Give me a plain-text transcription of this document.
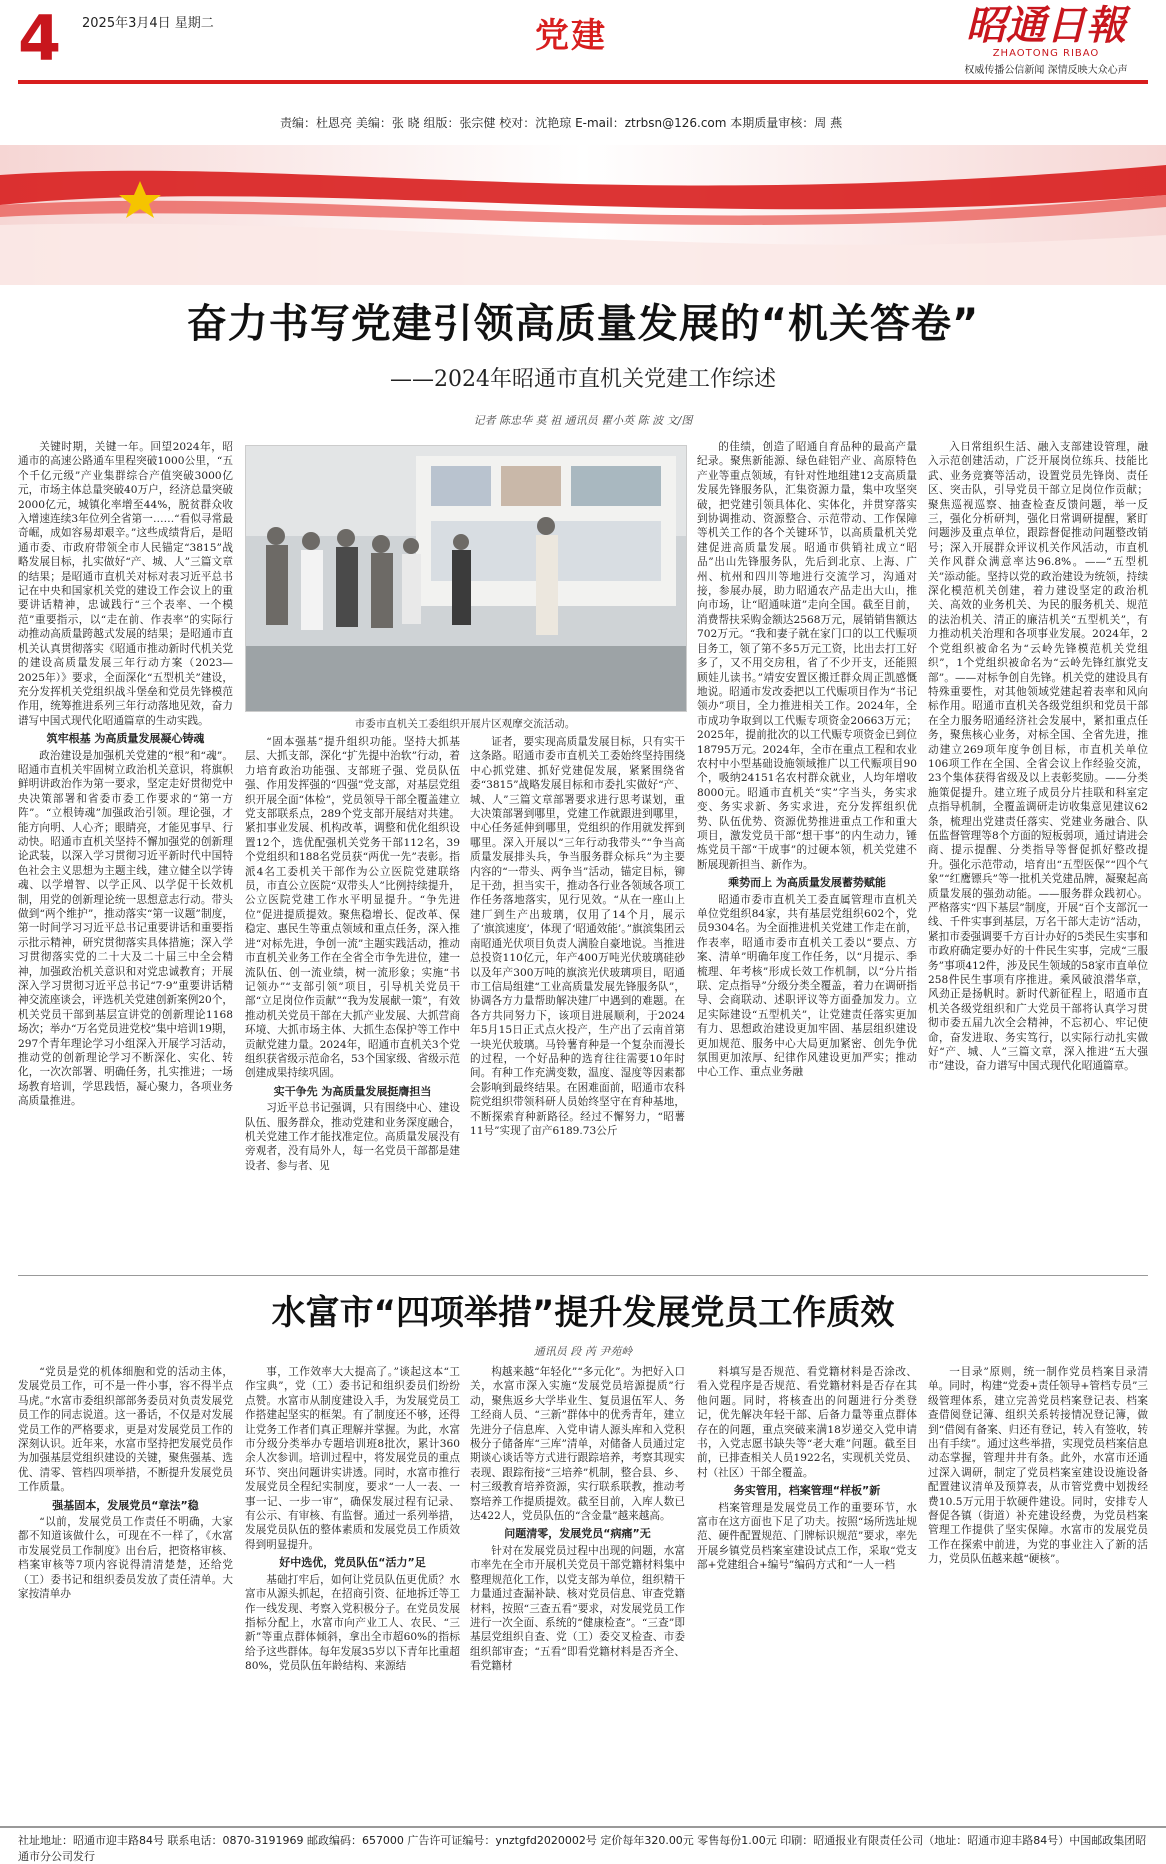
4 2025年3月4日 星期二	党建	昭通日報
ZHAOTONG RIBAO
权威传播公信新闻 深情反映大众心声
责编：杜恩亮 美编：张 晓 组版：张宗健 校对：沈艳琼 E-mail：ztrbsn@126.com 本期质量审核：周 燕
奋力书写党建引领高质量发展的“机关答卷”
——2024年昭通市直机关党建工作综述
记者 陈忠华 莫 祖 通讯员 瞿小英 陈 波 文/图

关键时期，关键一年。回望2024年，昭通市的高速公路通车里程突破1000公里，“五个千亿元级”产业集群综合产值突破3000亿元，市场主体总量突破40万户，经济总量突破2000亿元，城镇化率增至44%，脱贫群众收入增速连续3年位列全省第一……“看似寻常最奇崛，成如容易却艰辛。”这些成绩背后，是昭通市委、市政府带领全市人民锚定“3815”战略发展目标，扎实做好“产、城、人”三篇文章的结果；是昭通市直机关对标对表习近平总书记在中央和国家机关党的建设工作会议上的重要讲话精神，忠诚践行“三个表率、一个模范”重要指示，以“走在前、作表率”的实际行动推动高质量跨越式发展的结果；是昭通市直机关认真贯彻落实《昭通市推动新时代机关党的建设高质量发展三年行动方案（2023—2025年）》要求，全面深化“五型机关”建设，充分发挥机关党组织战斗堡垒和党员先锋模范作用，统筹推进系列三年行动落地见效，奋力谱写中国式现代化昭通篇章的生动实践。

筑牢根基 为高质量发展凝心铸魂

政治建设是加强机关党建的“根”和“魂”。昭通市直机关牢固树立政治机关意识，将旗帜鲜明讲政治作为第一要求，坚定走好贯彻党中央决策部署和省委市委工作要求的“第一方阵”。“立根铸魂”加强政治引领。理论强，才能方向明、人心齐；眼睛亮，才能见事早、行动快。昭通市直机关坚持不懈加强党的创新理论武装，以深入学习贯彻习近平新时代中国特色社会主义思想为主题主线，建立健全以学铸魂、以学增智、以学正风、以学促干长效机制，用党的创新理论统一思想意志行动。带头做到“两个维护”，推动落实“第一议题”制度，第一时间学习习近平总书记重要讲话和重要指示批示精神，研究贯彻落实具体措施；深入学习贯彻落实党的二十大及二十届三中全会精神，加强政治机关意识和对党忠诚教育；开展深入学习贯彻习近平总书记“7·9”重要讲话精神交流座谈会，评选机关党建创新案例20个，机关党员干部到基层宣讲党的创新理论1168场次；举办“万名党员进党校”集中培训19期，297个青年理论学习小组深入开展学习活动，推动党的创新理论学习不断深化、实化、转化，一次次部署、明确任务，扎实推进；一场场教育培训，学思践悟，凝心聚力，各项业务高质量推进。

市委市直机关工委组织开展片区观摩交流活动。

“固本强基”提升组织功能。坚持大抓基层、大抓支部，深化“扩先提中治软”行动，着力培育政治功能强、支部班子强、党员队伍强、作用发挥强的“四强”党支部，对基层党组织开展全面“体检”，党员领导干部全覆盖建立党支部联系点，289个党支部开展结对共建。紧扣事业发展、机构改革，调整和优化组织设置12个，选优配强机关党务干部112名，39个党组织和188名党员获“两优一先”表彰。指派4名工委机关干部作为公立医院党建联络员，市直公立医院“双带头人”比例持续提升，公立医院党建工作水平明显提升。“争先进位”促进提质提效。聚焦稳增长、促改革、保稳定、惠民生等重点领域和重点任务，深入推进“对标先进，争创一流”主题实践活动，推动市直机关业务工作在全省全市争先进位，建一流队伍、创一流业绩，树一流形象；实施“书记领办”“支部引领”项目，引导机关党员干部“立足岗位作贡献”“我为发展献一策”，有效推动机关党员干部在大抓产业发展、大抓营商环境、大抓市场主体、大抓生态保护等工作中贡献党建力量。2024年，昭通市直机关3个党组织获省级示范命名，53个国家级、省级示范创建成果持续巩固。

实干争先 为高质量发展挺膺担当

习近平总书记强调，只有围绕中心、建设队伍、服务群众，推动党建和业务深度融合，机关党建工作才能找准定位。高质量发展没有旁观者，没有局外人，每一名党员干部都是建设者、参与者、见

证者，要实现高质量发展目标，只有实干这条路。昭通市委市直机关工委始终坚持围绕中心抓党建、抓好党建促发展，紧紧围绕省委“3815”战略发展目标和市委扎实做好“产、城、人”三篇文章部署要求进行思考谋划，重大决策部署到哪里，党建工作就跟进到哪里，中心任务延伸到哪里，党组织的作用就发挥到哪里。深入开展以“三年行动我带头”“争当高质量发展排头兵，争当服务群众标兵”为主要内容的“一带头、两争当”活动，锚定目标，铆足干劲，担当实干，推动各行业各领域各项工作任务落地落实，见行见效。“从在一座山上建厂到生产出玻璃，仅用了14个月，展示了‘旗滨速度’，体现了‘昭通效能’。”旗滨集团云南昭通光伏项目负责人满脸自豪地说。当推进总投资110亿元，年产400万吨光伏玻璃硅砂以及年产300万吨的旗滨光伏玻璃项目，昭通市工信局组建“工业高质量发展先锋服务队”，协调各方力量帮助解决建厂中遇到的难题。在各方共同努力下，该项目进展顺利，于2024年5月15日正式点火投产，生产出了云南首第一块光伏玻璃。马铃薯育种是一个复杂而漫长的过程，一个好品种的选育往往需要10年时间。有种工作充满变数，温度、湿度等因素都会影响到最终结果。在困难面前，昭通市农科院党组织带领科研人员始终坚守在育种基地，不断探索育种新路径。经过不懈努力，“昭薯11号”实现了亩产6189.73公斤

的佳绩，创造了昭通自育品种的最高产量纪录。聚焦新能源、绿色硅铝产业、高原特色产业等重点领域，有针对性地组建12支高质量发展先锋服务队，汇集资源力量，集中攻坚突破，把党建引领具体化、实体化，并贯穿落实到协调推动、资源整合、示范带动、工作保障等机关工作的各个关键环节，以高质量机关党建促进高质量发展。昭通市供销社成立“昭品”出山先锋服务队，先后到北京、上海、广州、杭州和四川等地进行交流学习，沟通对接，参展办展，助力昭通农产品走出大山，推向市场，让“昭通味道”走向全国。截至目前，消费帮扶采购金额达2568万元，展销销售额达702万元。“我和妻子就在家门口的以工代赈项目务工，领了第不多5万元工资，比出去打工好多了，又不用交房租，省了不少开支，还能照顾娃儿读书。”靖安安置区搬迁群众周正凯感慨地说。昭通市发改委把以工代赈项目作为“书记领办”项目，全力推进相关工作。2024年，全市成功争取到以工代赈专项资金20663万元；2025年，提前批次的以工代赈专项资金已到位18795万元。2024年，全市在重点工程和农业农村中小型基础设施领域推广以工代赈项目90个，吸纳24151名农村群众就业，人均年增收8000元。昭通市直机关“实”字当头，务实求变、务实求新、务实求进，充分发挥组织优势、队伍优势、资源优势推进重点工作和重大项目，激发党员干部“想干事”的内生动力，锤炼党员干部“干成事”的过硬本领，机关党建不断展现新担当、新作为。

乘势而上 为高质量发展蓄势赋能

昭通市委市直机关工委直属管理市直机关单位党组织84家，共有基层党组织602个，党员9304名。为全面推进机关党建工作走在前，作表率，昭通市委市直机关工委以“要点、方案、清单”明确年度工作任务，以“月提示、季梳理、年考核”形成长效工作机制，以“分片指联、定点指导”分级分类全覆盖，着力在调研指导、会商联动、述职评议等方面叠加发力。立足实际建设“五型机关”，让党建责任落实更加有力、思想政治建设更加牢固、基层组织建设更加规范、服务中心大局更加紧密、创先争优氛围更加浓厚、纪律作风建设更加严实；推动中心工作、重点业务融

入日常组织生活、融入支部建设管理，融入示范创建活动，广泛开展岗位练兵、技能比武、业务竞赛等活动，设置党员先锋岗、责任区、突击队，引导党员干部立足岗位作贡献；聚焦巡视巡察、抽查检查反馈问题，举一反三，强化分析研判，强化日常调研提醒，紧盯问题涉及重点单位，跟踪督促推动问题整改销号；深入开展群众评议机关作风活动，市直机关作风群众满意率达96.8%。——“五型机关”添动能。坚持以党的政治建设为统领，持续深化模范机关创建，着力建设坚定的政治机关、高效的业务机关、为民的服务机关、规范的法治机关、清正的廉洁机关“五型机关”，有力推动机关治理和各项事业发展。2024年，2个党组织被命名为“云岭先锋模范机关党组织”，1个党组织被命名为“云岭先锋红旗党支部”。——对标争创自先锋。机关党的建设具有特殊重要性，对其他领域党建起着表率和风向标作用。昭通市直机关各级党组织和党员干部在全力服务昭通经济社会发展中，紧扣重点任务，聚焦核心业务，对标全国、全省先进，推动建立269项年度争创目标，市直机关单位106项工作在全国、全省会议上作经验交流，23个集体获得省级及以上表彰奖励。——分类施策促提升。建立班子成员分片挂联和科室定点指导机制，全覆盖调研走访收集意见建议62条，梳理出党建责任落实、党建业务融合、队伍监督管理等8个方面的短板弱项，通过请进会商、提示提醒、分类指导等督促抓好整改提升。强化示范带动，培育出“五型医保”“四个气象”“红鹰镖兵”等一批机关党建品牌，凝聚起高质量发展的强劲动能。——服务群众践初心。严格落实“四下基层”制度，开展“百个支部沉一线、千件实事到基层，万名干部大走访”活动，紧扣市委强调要千方百计办好的5类民生实事和市政府确定要办好的十件民生实事，完成“三服务”事项412件，涉及民生领域的58家市直单位258件民生事项有序推进。乘风破浪潜华章，风劲正是扬帆时。新时代新征程上，昭通市直机关各级党组织和广大党员干部将认真学习贯彻市委五届九次全会精神，不忘初心、牢记使命，奋发进取、务实笃行，以实际行动扎实做好“产、城、人”三篇文章，深入推进“五大强市”建设，奋力谱写中国式现代化昭通篇章。

水富市“四项举措”提升发展党员工作质效
通讯员 段 芮 尹苑岭

“党员是党的机体细胞和党的活动主体，发展党员工作，可不是一件小事，容不得半点马虎。”水富市委组织部部务委员对负责发展党员工作的同志说道。这一番话，不仅是对发展党员工作的严格要求，更是对发展党员工作的深刻认识。近年来，水富市坚持把发展党员作为加强基层党组织建设的关键，聚焦强基、选优、清零、管档四项举措，不断提升发展党员工作质量。

强基固本，发展党员“章法”稳

“以前，发展党员工作责任不明确，大家都不知道该做什么，可现在不一样了，《水富市发展党员工作制度》出台后，把资格审核、档案审核等7项内容说得清清楚楚，还给党（工）委书记和组织委员发放了责任清单。大家按清单办

事，工作效率大大提高了。”谈起这本“工作宝典”，党（工）委书记和组织委员们纷纷点赞。水富市从制度建设入手，为发展党员工作搭建起坚实的框架。有了制度还不够，还得让党务工作者们真正理解并掌握。为此，水富市分级分类举办专题培训班8批次，累计360余人次参训。培训过程中，将发展党员的重点环节、突出问题讲实讲透。同时，水富市推行发展党员全程纪实制度，要求“一人一表、一事一记、一步一审”，确保发展过程有记录、有公示、有审核、有监督。通过一系列举措，发展党员队伍的整体素质和发展党员工作质效得到明显提升。

好中选优，党员队伍“活力”足

基础打牢后，如何让党员队伍更优质？水富市从源头抓起，在招商引资、征地拆迁等工作一线发现、考察入党积极分子。在党员发展指标分配上，水富市向产业工人、农民、“三新”等重点群体倾斜，拿出全市超60%的指标给予这些群体。每年发展35岁以下青年比重超80%，党员队伍年龄结构、来源结

构越来越“年轻化”“多元化”。为把好入口关，水富市深入实施“发展党员培源提质”行动，聚焦返乡大学毕业生、复员退伍军人、务工经商人员、“三新”群体中的优秀青年，建立先进分子信息库、入党申请人源头库和入党积极分子储备库“三库”清单，对储备人员通过定期谈心谈话等方式进行跟踪培养，考察其现实表现、跟踪衔接“三培养”机制，整合县、乡、村三级教育培养资源，实行联系联教，推动考察培养工作提质提效。截至目前，入库人数已达422人，党员队伍的“含金量”越来越高。

问题清零，发展党员“病痛”无

针对在发展党员过程中出现的问题，水富市率先在全市开展机关党员干部党籍材料集中整理规范化工作，以党支部为单位，组织精干力量通过查漏补缺、核对党员信息、审查党籍材料，按照“三查五看”要求，对发展党员工作进行一次全面、系统的“健康检查”。“三查”即基层党组织自查、党（工）委交叉检查、市委组织部审查；“五看”即看党籍材料是否齐全、看党籍材

料填写是否规范、看党籍材料是否涂改、看入党程序是否规范、看党籍材料是否存在其他问题。同时，将核查出的问题进行分类登记，优先解决年轻干部、后备力量等重点群体存在的问题，重点突破来满18岁递交入党申请书，入党志愿书缺失等“老大难”问题。截至目前，已排查相关人员1922名，实现机关党员、村（社区）干部全覆盖。

务实管用，档案管理“样板”新

档案管理是发展党员工作的重要环节，水富市在这方面也下足了功夫。按照“场所选址规范、硬件配置规范、门牌标识规范”要求，率先开展乡镇党员档案室建设试点工作，采取“党支部+党建组合+编号”编码方式和“一人一档

一目录”原则，统一制作党员档案目录清单。同时，构建“党委+责任领导+管档专员”三级管理体系，建立完善党员档案登记表、档案查借阅登记簿、组织关系转接情况登记簿，做到“借阅有备案、归还有登记，转入有签收，转出有手续”。通过这些举措，实现党员档案信息动态掌握，管理井井有条。此外，水富市还通过深入调研，制定了党员档案室建设设施设备配置建议清单及预算表，从市管党费中划拨经费10.5万元用于软硬件建设。同时，安排专人督促各镇（街道）补充建设经费，为党员档案管理工作提供了坚实保障。水富市的发展党员工作在探索中前进，为党的事业注入了新的活力，党员队伍越来越“硬核”。

社址地址：昭通市迎丰路84号 联系电话：0870-3191969 邮政编码：657000 广告许可证编号：ynztgfd2020002号 定价每年320.00元 零售每份1.00元 印刷：昭通报业有限责任公司（地址：昭通市迎丰路84号）中国邮政集团昭通市分公司发行
